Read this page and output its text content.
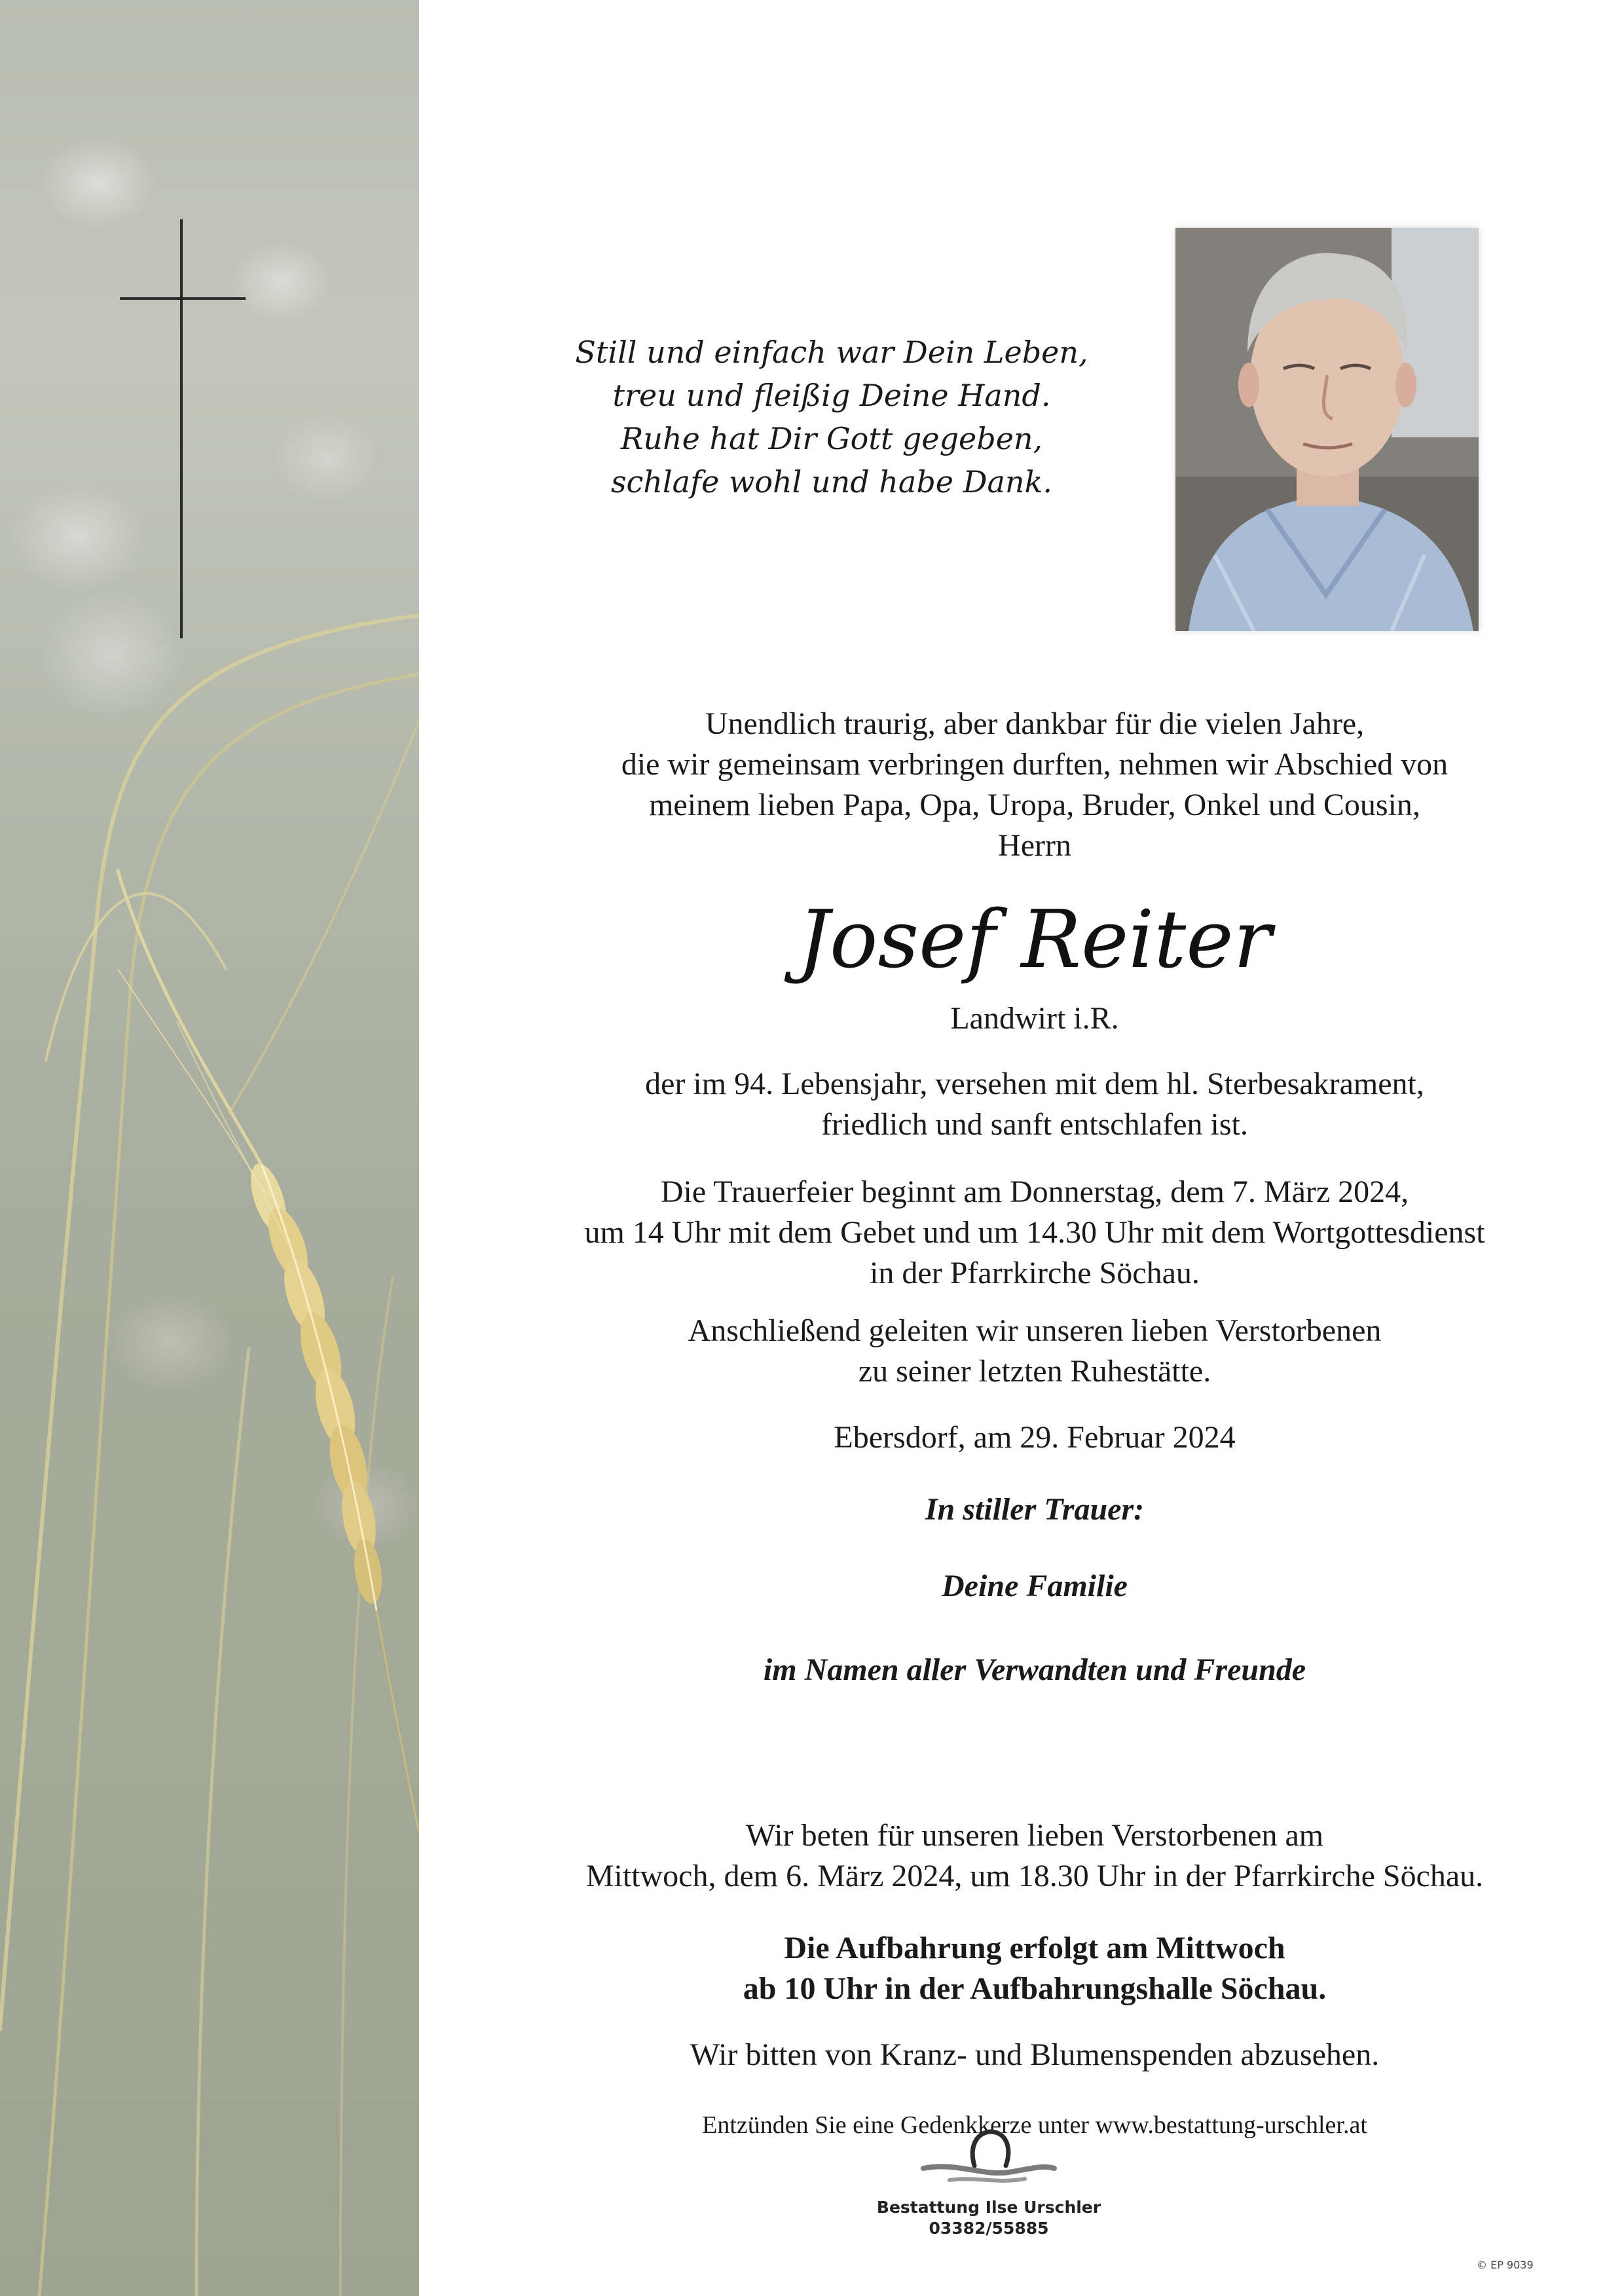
Still und einfach war Dein Leben,
treu und fleißig Deine Hand.
Ruhe hat Dir Gott gegeben,
schlafe wohl und habe Dank.
Unendlich traurig, aber dankbar für die vielen Jahre,
die wir gemeinsam verbringen durften, nehmen wir Abschied von
meinem lieben Papa, Opa, Uropa, Bruder, Onkel und Cousin,
Herrn
Josef Reiter
Landwirt i.R.
der im 94. Lebensjahr, versehen mit dem hl. Sterbesakrament,
friedlich und sanft entschlafen ist.
Die Trauerfeier beginnt am Donnerstag, dem 7. März 2024,
um 14 Uhr mit dem Gebet und um 14.30 Uhr mit dem Wortgottesdienst
in der Pfarrkirche Söchau.
Anschließend geleiten wir unseren lieben Verstorbenen
zu seiner letzten Ruhestätte.
Ebersdorf, am 29. Februar 2024
In stiller Trauer:
Deine Familie
im Namen aller Verwandten und Freunde
Wir beten für unseren lieben Verstorbenen am
Mittwoch, dem 6. März 2024, um 18.30 Uhr in der Pfarrkirche Söchau.
Die Aufbahrung erfolgt am Mittwoch
ab 10 Uhr in der Aufbahrungshalle Söchau.
Wir bitten von Kranz- und Blumenspenden abzusehen.
Entzünden Sie eine Gedenkkerze unter www.bestattung-urschler.at
Bestattung Ilse Urschler
03382/55885
© EP 9039
